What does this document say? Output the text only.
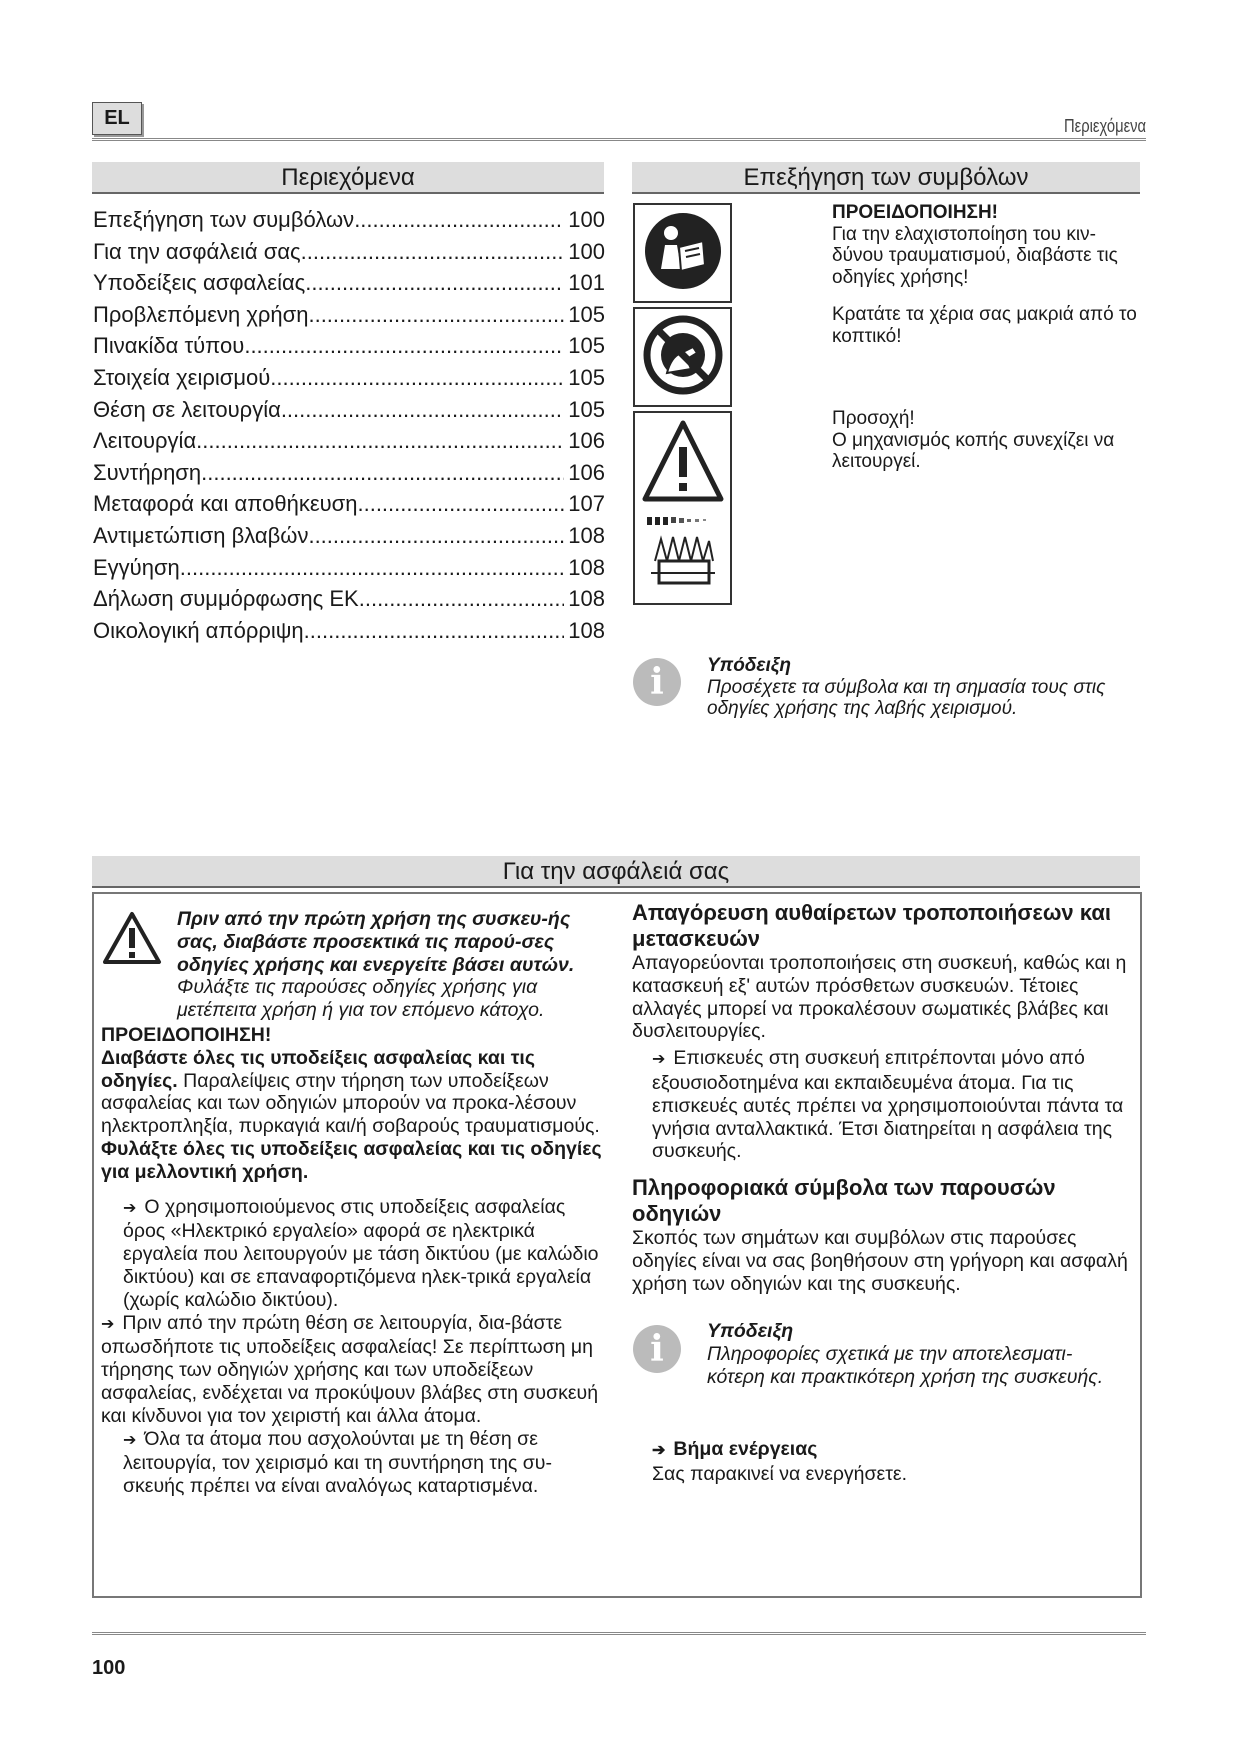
EL	Περιεχόμενα
Περιεχόμενα
Επεξήγηση των συμβόλων .....	100
Για την ασφάλειά σας .....	100
Υποδείξεις ασφαλείας .....	101
Προβλεπόμενη χρήση .....	105
Πινακίδα τύπου .....	105
Στοιχεία χειρισμού .....	105
Θέση σε λειτουργία .....	105
Λειτουργία .....	106
Συντήρηση .....	106
Μεταφορά και αποθήκευση .....	107
Αντιμετώπιση βλαβών .....	108
Εγγύηση .....	108
Δήλωση συμμόρφωσης ΕΚ .....	108
Οικολογική απόρριψη .....	108
Επεξήγηση των συμβόλων
ΠΡΟΕΙΔΟΠΟΙΗΣΗ!
Για την ελαχιστοποίηση του κιν-δύνου τραυματισμού, διαβάστε τις οδηγίες χρήσης!
Κρατάτε τα χέρια σας μακριά από το κοπτικό!
Προσοχή!
Ο μηχανισμός κοπής συνεχίζει να λειτουργεί.
i	Υπόδειξη
Προσέχετε τα σύμβολα και τη σημασία τους στις οδηγίες χρήσης της λαβής χειρισμού.
Για την ασφάλειά σας
Πριν από την πρώτη χρήση της συσκευ-ής σας, διαβάστε προσεκτικά τις παρού-σες οδηγίες χρήσης και ενεργείτε βάσει αυτών. Φυλάξτε τις παρούσες οδηγίες χρήσης για μετέπειτα χρήση ή για τον επόμενο κάτοχο.
ΠΡΟΕΙΔΟΠΟΙΗΣΗ!
Διαβάστε όλες τις υποδείξεις ασφαλείας και τις οδηγίες. Παραλείψεις στην τήρηση των υποδείξεων ασφαλείας και των οδηγιών μπορούν να προκα-λέσουν ηλεκτροπληξία, πυρκαγιά και/ή σοβαρούς τραυματισμούς.
Φυλάξτε όλες τις υποδείξεις ασφαλείας και τις οδηγίες για μελλοντική χρήση.
➔ Ο χρησιμοποιούμενος στις υποδείξεις ασφαλείας όρος «Ηλεκτρικό εργαλείο» αφορά σε ηλεκτρικά εργαλεία που λειτουργούν με τάση δικτύου (με καλώδιο δικτύου) και σε επαναφορτιζόμενα ηλεκ-τρικά εργαλεία (χωρίς καλώδιο δικτύου).
➔ Πριν από την πρώτη θέση σε λειτουργία, δια-βάστε οπωσδήποτε τις υποδείξεις ασφαλείας! Σε περίπτωση μη τήρησης των οδηγιών χρήσης και των υποδείξεων ασφαλείας, ενδέχεται να προκύψουν βλάβες στη συσκευή και κίνδυνοι για τον χειριστή και άλλα άτομα.
➔ Όλα τα άτομα που ασχολούνται με τη θέση σε λειτουργία, τον χειρισμό και τη συντήρηση της συ-σκευής πρέπει να είναι αναλόγως καταρτισμένα.
Απαγόρευση αυθαίρετων τροποποιήσεων και μετασκευών
Απαγορεύονται τροποποιήσεις στη συσκευή, καθώς και η κατασκευή εξ' αυτών πρόσθετων συσκευών. Τέτοιες αλλαγές μπορεί να προκαλέσουν σωματικές βλάβες και δυσλειτουργίες.
➔ Επισκευές στη συσκευή επιτρέπονται μόνο από εξουσιοδοτημένα και εκπαιδευμένα άτομα. Για τις επισκευές αυτές πρέπει να χρησιμοποιούνται πάντα τα γνήσια ανταλλακτικά. Έτσι διατηρείται η ασφάλεια της συσκευής.
Πληροφοριακά σύμβολα των παρουσών οδηγιών
Σκοπός των σημάτων και συμβόλων στις παρούσες οδηγίες είναι να σας βοηθήσουν στη γρήγορη και ασφαλή χρήση των οδηγιών και της συσκευής.
i	Υπόδειξη
Πληροφορίες σχετικά με την αποτελεσματι-κότερη και πρακτικότερη χρήση της συσκευής.
➔ Βήμα ενέργειας
Σας παρακινεί να ενεργήσετε.
100
